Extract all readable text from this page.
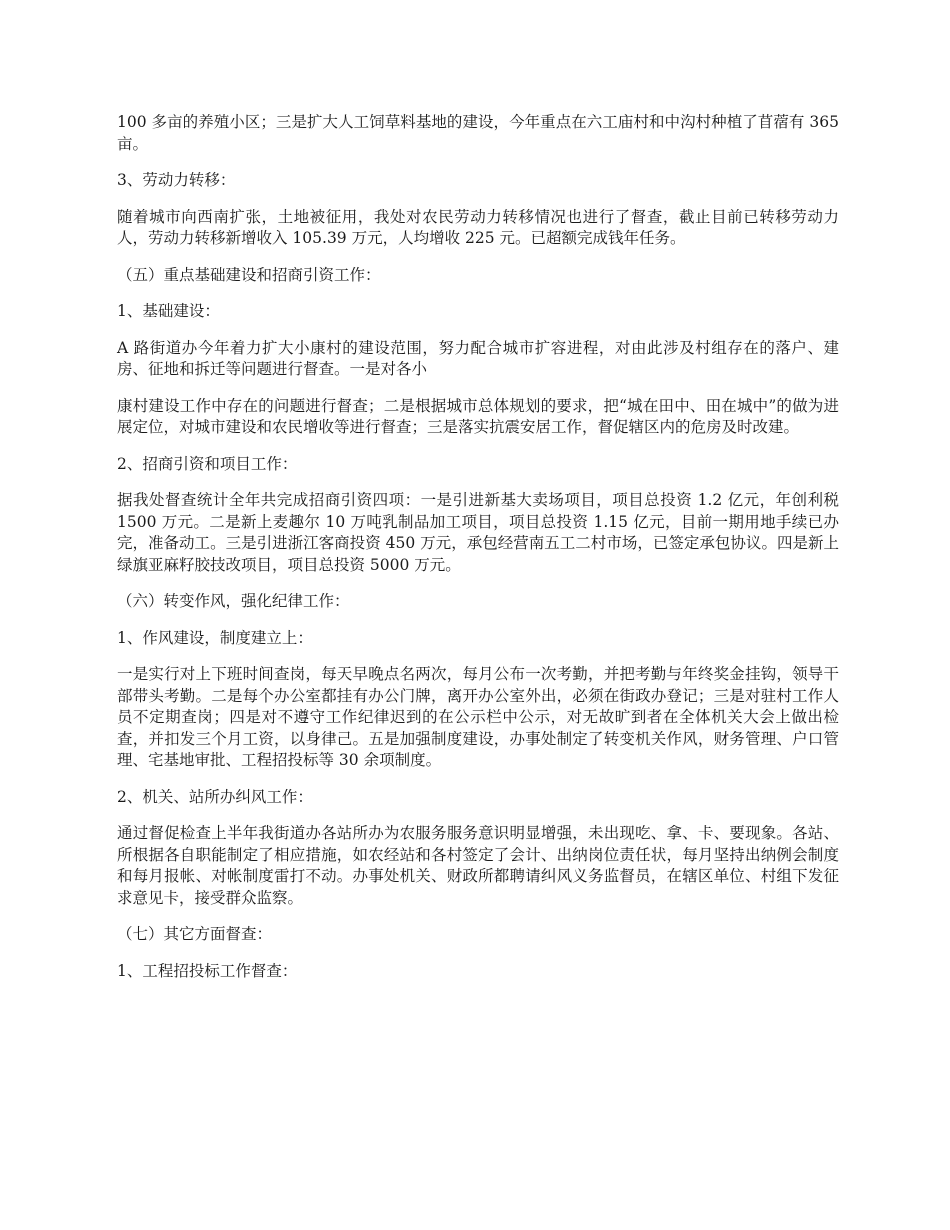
100 多亩的养殖小区；三是扩大人工饲草料基地的建设，今年重点在六工庙村和中沟村种植了苜蓿有 365 亩。

3、劳动力转移：

随着城市向西南扩张，土地被征用，我处对农民劳动力转移情况也进行了督查，截止目前已转移劳动力 人，劳动力转移新增收入 105.39 万元，人均增收 225 元。已超额完成钱年任务。

（五）重点基础建设和招商引资工作：

1、基础建设：

A 路街道办今年着力扩大小康村的建设范围，努力配合城市扩容进程，对由此涉及村组存在的落户、建房、征地和拆迁等问题进行督查。一是对各小

康村建设工作中存在的问题进行督查；二是根据城市总体规划的要求，把“城在田中、田在城中”的做为进展定位，对城市建设和农民增收等进行督查；三是落实抗震安居工作，督促辖区内的危房及时改建。

2、招商引资和项目工作：

据我处督查统计全年共完成招商引资四项：一是引进新基大卖场项目，项目总投资 1.2 亿元，年创利税 1500 万元。二是新上麦趣尔 10 万吨乳制品加工项目，项目总投资 1.15 亿元，目前一期用地手续已办完，准备动工。三是引进浙江客商投资 450 万元，承包经营南五工二村市场，已签定承包协议。四是新上绿旗亚麻籽胶技改项目，项目总投资 5000 万元。

（六）转变作风，强化纪律工作：

1、作风建设，制度建立上：

一是实行对上下班时间查岗，每天早晚点名两次，每月公布一次考勤，并把考勤与年终奖金挂钩，领导干部带头考勤。二是每个办公室都挂有办公门牌，离开办公室外出，必须在街政办登记；三是对驻村工作人员不定期查岗；四是对不遵守工作纪律迟到的在公示栏中公示，对无故旷到者在全体机关大会上做出检查，并扣发三个月工资，以身律己。五是加强制度建设，办事处制定了转变机关作风，财务管理、户口管理、宅基地审批、工程招投标等 30 余项制度。

2、机关、站所办纠风工作：

通过督促检查上半年我街道办各站所办为农服务服务意识明显增强，未出现吃、拿、卡、要现象。各站、所根据各自职能制定了相应措施，如农经站和各村签定了会计、出纳岗位责任状，每月坚持出纳例会制度和每月报帐、对帐制度雷打不动。办事处机关、财政所都聘请纠风义务监督员，在辖区单位、村组下发征求意见卡，接受群众监察。

（七）其它方面督查：

1、工程招投标工作督查：
